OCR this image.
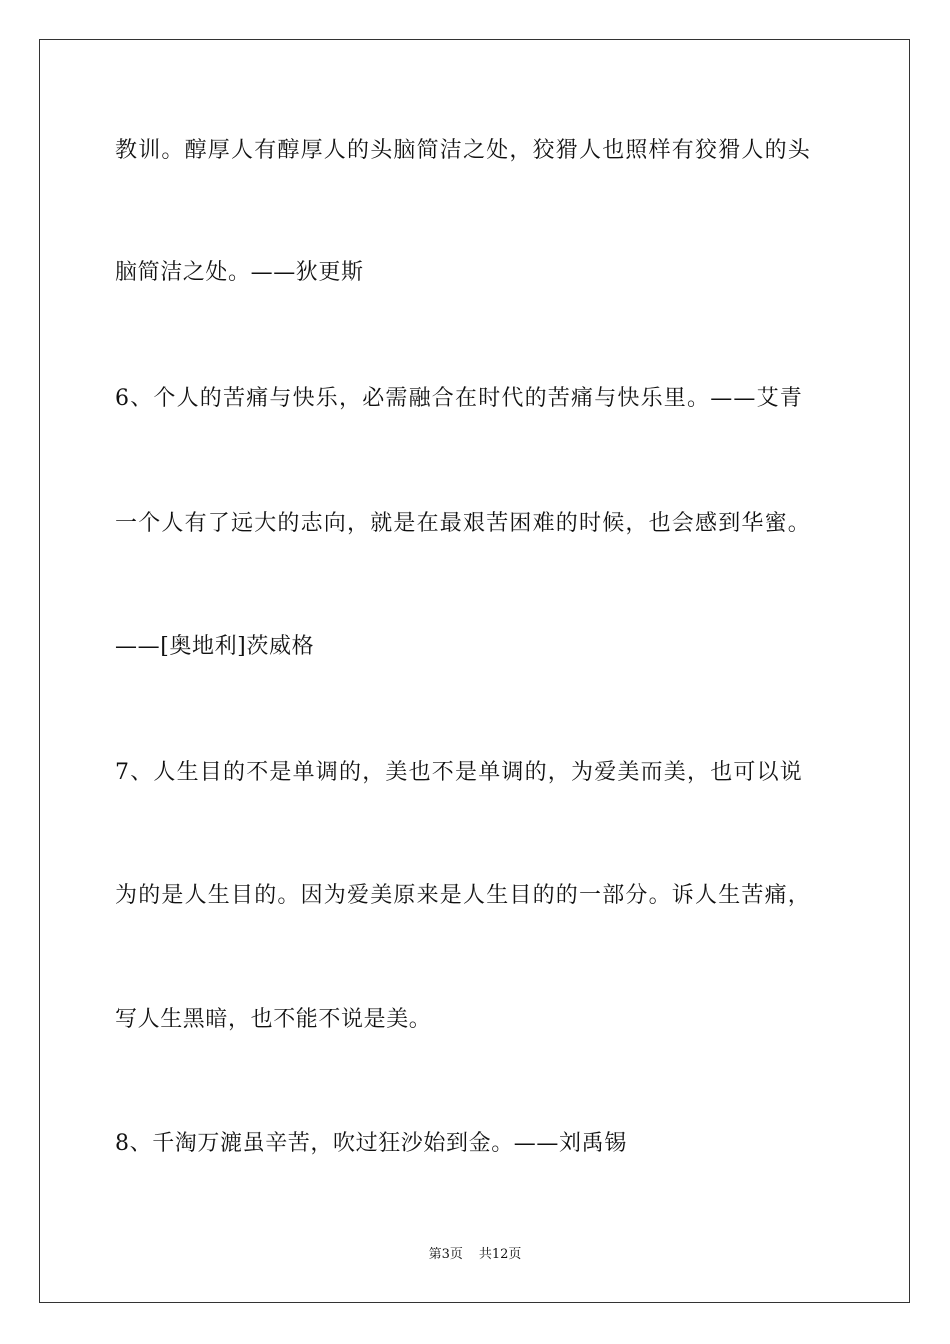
教训。醇厚人有醇厚人的头脑简洁之处，狡猾人也照样有狡猾人的头
脑简洁之处。——狄更斯
6、个人的苦痛与快乐，必需融合在时代的苦痛与快乐里。——艾青
一个人有了远大的志向，就是在最艰苦困难的时候，也会感到华蜜。
——[奥地利]茨威格
7、人生目的不是单调的，美也不是单调的，为爱美而美，也可以说
为的是人生目的。因为爱美原来是人生目的的一部分。诉人生苦痛，
写人生黑暗，也不能不说是美。
8、千淘万漉虽辛苦，吹过狂沙始到金。——刘禹锡
第3页 共12页
